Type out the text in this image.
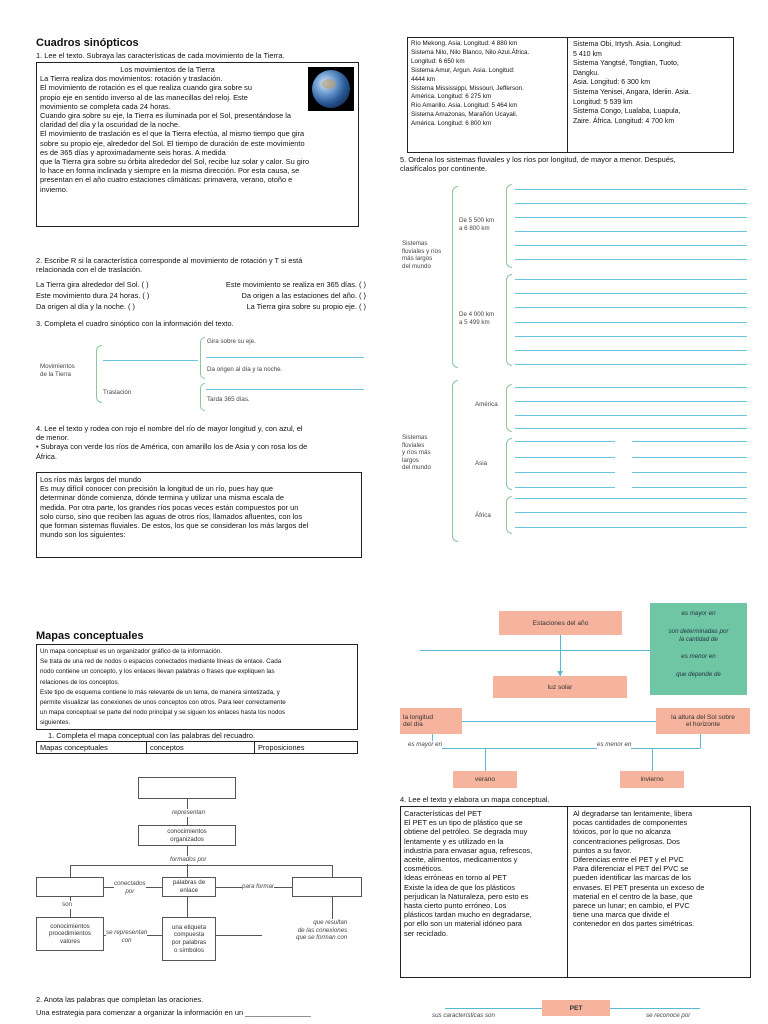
Cuadros sinópticos
1. Lee el texto. Subraya las características de cada movimiento de la Tierra.
Los movimientos de la Tierra
La Tierra realiza dos movimientos: rotación y traslación.
El movimiento de rotación es el que realiza cuando gira sobre su
propio eje en sentido inverso al de las manecillas del reloj. Este
movimiento se completa cada 24 horas.
Cuando gira sobre su eje, la Tierra es iluminada por el Sol, presentándose la
claridad del día y la oscuridad de la noche.
El movimiento de traslación es el que la Tierra efectúa, al mismo tiempo que gira
sobre su propio eje, alrededor del Sol. El tiempo de duración de este movimiento
es de 365 días y aproximadamente seis horas. A medida
que la Tierra gira sobre su órbita alrededor del Sol, recibe luz solar y calor. Su giro
lo hace en forma inclinada y siempre en la misma dirección. Por esta causa, se
presentan en el año cuatro estaciones climáticas: primavera, verano, otoño e
invierno.
2. Escribe R si la característica corresponde al movimiento de rotación y T si está
relacionada con el de traslación.
La Tierra gira alrededor del Sol. ( )	Este movimiento se realiza en 365 días. ( )
Este movimiento dura 24 horas. ( )	Da origen a las estaciones del año. ( )
Da origen al día y la noche. ( )	La Tierra gira sobre su propio eje. ( )
3. Completa el cuadro sinóptico con la información del texto.
Movimientos
de la Tierra
Traslación
Gira sobre su eje.
Da origen al día y la noche.
Tarda 365 días.
4. Lee el texto y rodea con rojo el nombre del río de mayor longitud y, con azul, el
de menor.
• Subraya con verde los ríos de América, con amarillo los de Asia y con rosa los de
África.
Los ríos más largos del mundo
Es muy difícil conocer con precisión la longitud de un río, pues hay que
determinar dónde comienza, dónde termina y utilizar una misma escala de
medida. Por otra parte, los grandes ríos pocas veces están compuestos por un
solo curso, sino que reciben las aguas de otros ríos, llamados afluentes, con los
que forman sistemas fluviales. De estos, los que se consideran los más largos del
mundo son los siguientes:
Río Mekong. Asia. Longitud: 4 880 km
Sistema Nilo, Nilo Blanco, Nilo Azul.África.
Longitud: 6 650 km
Sistema Amur, Argun. Asia. Longitud:
4444 km
Sistema Mississippi, Missouri, Jefferson.
América. Longitud: 6 275 km
Río Amarillo. Asia. Longitud: 5 464 km
Sistema Amazonas, Marañón Ucayali.
América. Longitud: 6 800 km
Sistema Obi, Irtysh. Asia. Longitud:
5 410 km
Sistema Yangtsé, Tongtian, Tuoto,
Dangku.
Asia. Longitud: 6 300 km
Sistema Yenisei, Angara, Ideriin. Asia.
Longitud: 5 539 km
Sistema Congo, Lualaba, Luapula,
Zaire. África. Longitud: 4 700 km
5. Ordena los sistemas fluviales y los ríos por longitud, de mayor a menor. Después,
clasifícalos por continente.
Sistemas
fluviales y ríos
más largos
del mundo
De 5 500 km
a 6 800 km
De 4 000 km
a 5 499 km
Sistemas
fluviales
y ríos más
largos
del mundo
América
Asia
África
Mapas conceptuales
Un mapa conceptual es un organizador gráfico de la información.
Se trata de una red de nodos o espacios conectados mediante líneas de enlace. Cada
nodo contiene un concepto, y los enlaces llevan palabras o frases que expliquen las
relaciones de los conceptos.
Este tipo de esquema contiene lo más relevante de un tema, de manera sintetizada, y
permite visualizar las conexiones de unos conceptos con otros. Para leer correctamente
un mapa conceptual se parte del nodo principal y se siguen los enlaces hasta los nodos
siguientes.
1. Completa el mapa conceptual con las palabras del recuadro.
Mapas conceptuales	conceptos	Proposiciones
representan
conocimientos
organizados
formados por
palabras de
enlace
conectados
por
para formar
son
conocimientos
procedimientos
valores
una etiqueta
compuesta
por palabras
o símbolos
se representan
con
que resultan
de las conexiones
que se forman con
2. Anota las palabras que completan las oraciones.
Una estrategia para comenzar a organizar la información en un ________________
Estaciones del año
luz solar
la longitud
del día
la altura del Sol sobre
el horizonte
es mayor en	es menor en
verano	invierno
es mayor en
son determinadas por
la cantidad de
es menor en
que depende de
4. Lee el texto y elabora un mapa conceptual.
Características del PET
El PET es un tipo de plástico que se
obtiene del petróleo. Se degrada muy
lentamente y es utilizado en la
industria para envasar agua, refrescos,
aceite, alimentos, medicamentos y
cosméticos.
Ideas erróneas en torno al PET
Existe la idea de que los plásticos
perjudican la Naturaleza, pero esto es
hasta cierto punto erróneo. Los
plásticos tardan mucho en degradarse,
por ello son un material idóneo para
ser reciclado.
Al degradarse tan lentamente, libera
pocas cantidades de componentes
tóxicos, por lo que no alcanza
concentraciones peligrosas. Dos
puntos a su favor.
Diferencias entre el PET y el PVC
Para diferenciar el PET del PVC se
pueden identificar las marcas de los
envases. El PET presenta un exceso de
material en el centro de la base, que
parece un lunar; en cambio, el PVC
tiene una marca que divide el
contenedor en dos partes simétricas.
PET
sus características son	se reconoce por
